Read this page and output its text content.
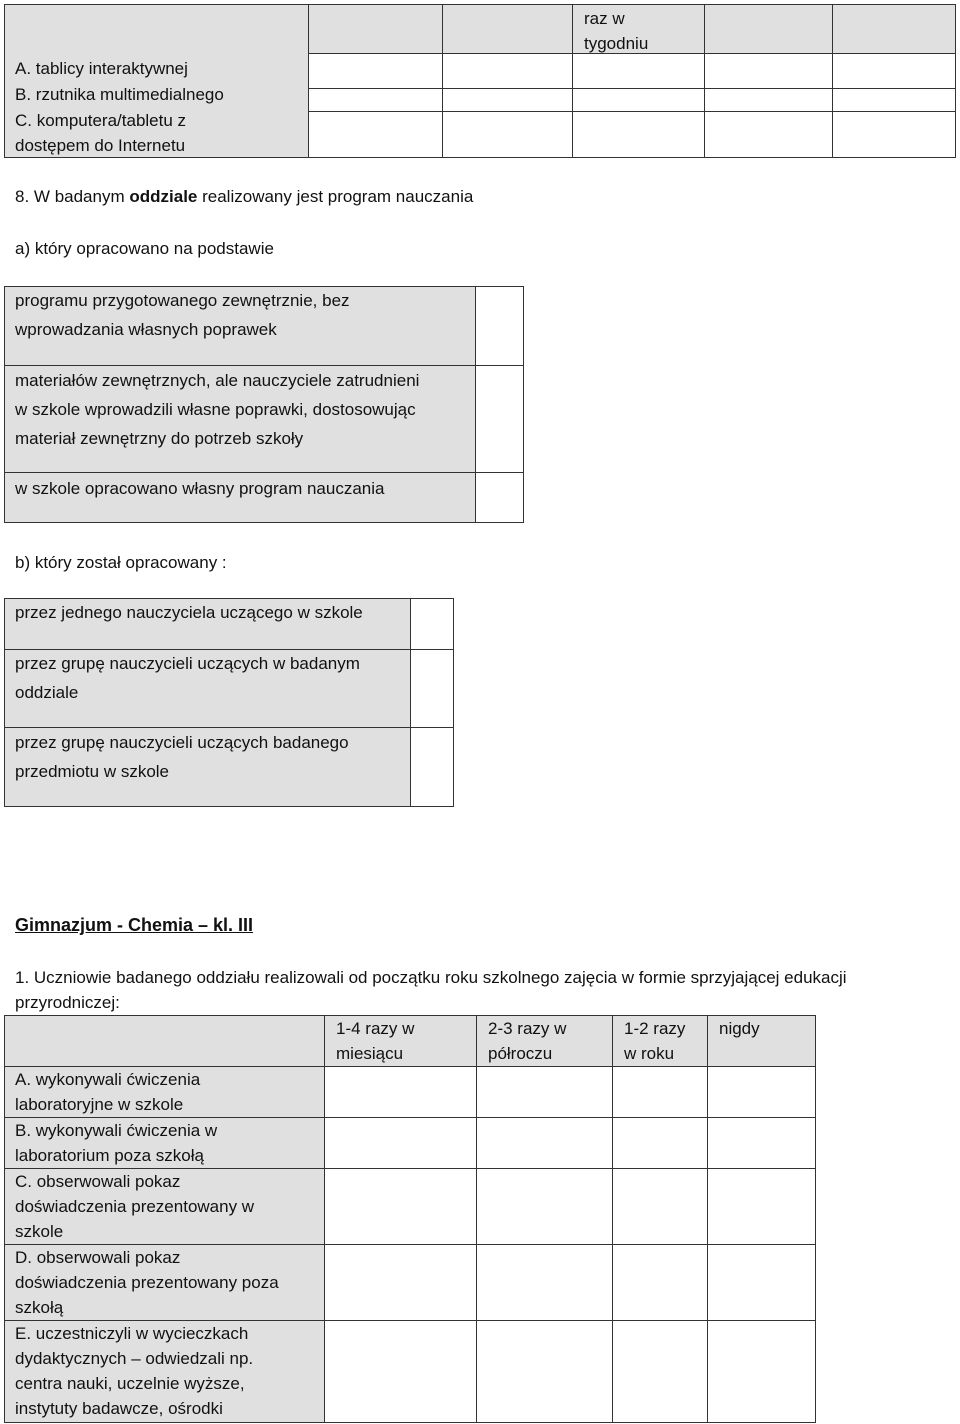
raz w
tygodniu
A. tablicy interaktywnej
B. rzutnika multimedialnego
C. komputera/tabletu z
dostępem do Internetu
8. W badanym oddziale realizowany jest program nauczania
a) który opracowano na podstawie
programu przygotowanego zewnętrznie, bez
wprowadzania własnych poprawek
materiałów zewnętrznych, ale nauczyciele zatrudnieni
w szkole wprowadzili własne poprawki, dostosowując
materiał zewnętrzny do potrzeb szkoły
w szkole opracowano własny program nauczania
b) który został opracowany :
przez jednego nauczyciela uczącego w szkole
przez grupę nauczycieli uczących w badanym
oddziale
przez grupę nauczycieli uczących badanego
przedmiotu w szkole
Gimnazjum - Chemia – kl. III
1. Uczniowie badanego oddziału realizowali od początku roku szkolnego zajęcia w formie sprzyjającej edukacji
przyrodniczej:
1-4 razy w
miesiącu
2-3 razy w
półroczu
1-2 razy
w roku
nigdy
A. wykonywali ćwiczenia
laboratoryjne w szkole
B. wykonywali ćwiczenia w
laboratorium poza szkołą
C. obserwowali pokaz
doświadczenia prezentowany w
szkole
D. obserwowali pokaz
doświadczenia prezentowany poza
szkołą
E. uczestniczyli w wycieczkach
dydaktycznych – odwiedzali np.
centra nauki, uczelnie wyższe,
instytuty badawcze, ośrodki
